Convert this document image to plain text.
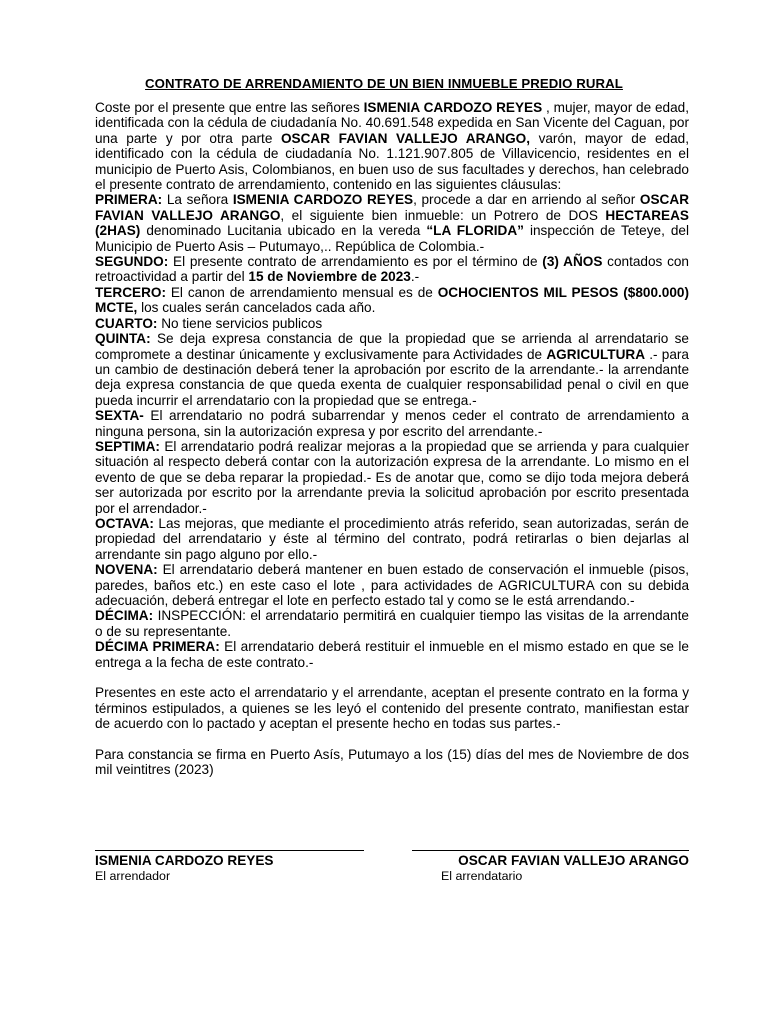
CONTRATO DE ARRENDAMIENTO DE UN BIEN INMUEBLE PREDIO RURAL

Coste por el presente que entre las señores ISMENIA CARDOZO REYES , mujer, mayor de edad, identificada con la cédula de ciudadanía No. 40.691.548 expedida en San Vicente del Caguan, por una parte y por otra parte OSCAR FAVIAN VALLEJO ARANGO, varón, mayor de edad, identificado con la cédula de ciudadanía No. 1.121.907.805 de Villavicencio, residentes en el municipio de Puerto Asis, Colombianos, en buen uso de sus facultades y derechos, han celebrado el presente contrato de arrendamiento, contenido en las siguientes cláusulas:

PRIMERA: La señora ISMENIA CARDOZO REYES, procede a dar en arriendo al señor OSCAR FAVIAN VALLEJO ARANGO, el siguiente bien inmueble: un Potrero de DOS HECTAREAS (2HAS) denominado Lucitania ubicado en la vereda “LA FLORIDA” inspección de Teteye, del Municipio de Puerto Asis – Putumayo,.. República de Colombia.-

SEGUNDO: El presente contrato de arrendamiento es por el término de (3) AÑOS contados con retroactividad a partir del 15 de Noviembre de 2023.-

TERCERO: El canon de arrendamiento mensual es de OCHOCIENTOS MIL PESOS ($800.000) MCTE, los cuales serán cancelados cada año.

CUARTO: No tiene servicios publicos

QUINTA: Se deja expresa constancia de que la propiedad que se arrienda al arrendatario se compromete a destinar únicamente y exclusivamente para Actividades de AGRICULTURA .- para un cambio de destinación deberá tener la aprobación por escrito de la arrendante.- la arrendante deja expresa constancia de que queda exenta de cualquier responsabilidad penal o civil en que pueda incurrir el arrendatario con la propiedad que se entrega.-

SEXTA- El arrendatario no podrá subarrendar y menos ceder el contrato de arrendamiento a ninguna persona, sin la autorización expresa y por escrito del arrendante.-

SEPTIMA: El arrendatario podrá realizar mejoras a la propiedad que se arrienda y para cualquier situación al respecto deberá contar con la autorización expresa de la arrendante. Lo mismo en el evento de que se deba reparar la propiedad.- Es de anotar que, como se dijo toda mejora deberá ser autorizada por escrito por la arrendante previa la solicitud aprobación por escrito presentada por el arrendador.-

OCTAVA: Las mejoras, que mediante el procedimiento atrás referido, sean autorizadas, serán de propiedad del arrendatario y éste al término del contrato, podrá retirarlas o bien dejarlas al arrendante sin pago alguno por ello.-

NOVENA: El arrendatario deberá mantener en buen estado de conservación el inmueble (pisos, paredes, baños etc.) en este caso el lote , para actividades de AGRICULTURA con su debida adecuación, deberá entregar el lote en perfecto estado tal y como se le está arrendando.-

DÉCIMA: INSPECCIÓN: el arrendatario permitirá en cualquier tiempo las visitas de la arrendante o de su representante.

DÉCIMA PRIMERA: El arrendatario deberá restituir el inmueble en el mismo estado en que se le entrega a la fecha de este contrato.-

Presentes en este acto el arrendatario y el arrendante, aceptan el presente contrato en la forma y términos estipulados, a quienes se les leyó el contenido del presente contrato, manifiestan estar de acuerdo con lo pactado y aceptan el presente hecho en todas sus partes.-

Para constancia se firma en Puerto Asís, Putumayo a los (15) días del mes de Noviembre de dos mil veintitres (2023)

ISMENIA CARDOZO REYES
El arrendador
OSCAR FAVIAN VALLEJO ARANGO
El arrendatario
